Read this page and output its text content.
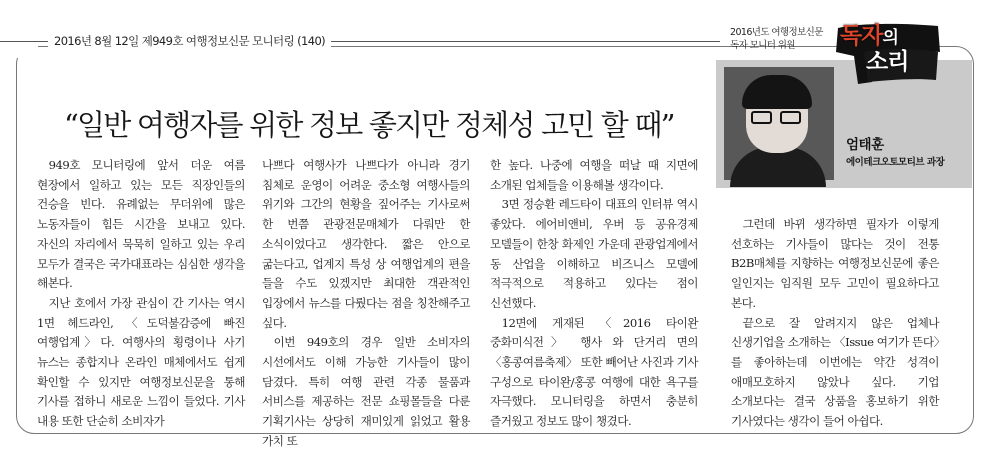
2016년 8월 12일 제949호 여행정보신문 모니터링 (140)
“일반 여행자를 위한 정보 좋지만 정체성 고민 할 때”

949호 모니터링에 앞서 더운 여름 현장에서 일하고 있는 모든 직장인들의 건승을 빈다. 유례없는 무더위에 많은 노동자들이 힘든 시간을 보내고 있다. 자신의 자리에서 묵묵히 일하고 있는 우리 모두가 결국은 국가대표라는 심심한 생각을 해본다.

지난 호에서 가장 관심이 간 기사는 역시 1면 헤드라인, 〈도덕불감증에 빠진 여행업계〉다. 여행사의 횡령이나 사기 뉴스는 종합지나 온라인 매체에서도 쉽게 확인할 수 있지만 여행정보신문을 통해 기사를 접하니 새로운 느낌이 들었다. 기사 내용 또한 단순히 소비자가

나쁘다 여행사가 나쁘다가 아니라 경기 침체로 운영이 어려운 중소형 여행사들의 위기와 그간의 현황을 짚어주는 기사로써 한 번쯤 관광전문매체가 다뤄만 한 소식이었다고 생각한다. 짧은 안으로 굶는다고, 업계지 특성 상 여행업계의 편을 들을 수도 있겠지만 최대한 객관적인 입장에서 뉴스를 다뤘다는 점을 칭찬해주고 싶다.

이번 949호의 경우 일반 소비자의 시선에서도 이해 가능한 기사들이 많이 담겼다. 특히 여행 관련 각종 물품과 서비스를 제공하는 전문 쇼핑몰들을 다룬 기획기사는 상당히 재미있게 읽었고 활용 가치 또

한 높다. 나중에 여행을 떠날 때 지면에 소개된 업체들을 이용해볼 생각이다.

3면 정승환 레드타이 대표의 인터뷰 역시 좋았다. 에어비앤비, 우버 등 공유경제 모델들이 한창 화제인 가운데 관광업계에서 동 산업을 이해하고 비즈니스 모델에 적극적으로 적용하고 있다는 점이 신선했다.

12면에 게재된 〈2016 타이완 중화미식전〉 행사 와 단거리 면의 〈홍콩여름축제〉 또한 빼어난 사진과 기사 구성으로 타이완/홍콩 여행에 대한 욕구를 자극했다. 모니터링을 하면서 충분히 즐거웠고 정보도 많이 챙겼다.

그런데 바뀌 생각하면 필자가 이렇게 선호하는 기사들이 많다는 것이 전통 B2B매체를 지향하는 여행정보신문에 좋은 일인지는 임직원 모두 고민이 필요하다고 본다.

끝으로 잘 알려지지 않은 업체나 신생기업을 소개하는 〈Issue 여기가 뜬다〉를 좋아하는데 이번에는 약간 성격이 애매모호하지 않았나 싶다. 기업 소개보다는 결국 상품을 홍보하기 위한 기사였다는 생각이 들어 아쉽다.

2016년도 여행정보신문
독자 모니터 위원	독자의
소리
엄태훈
에이테크오토모티브 과장
